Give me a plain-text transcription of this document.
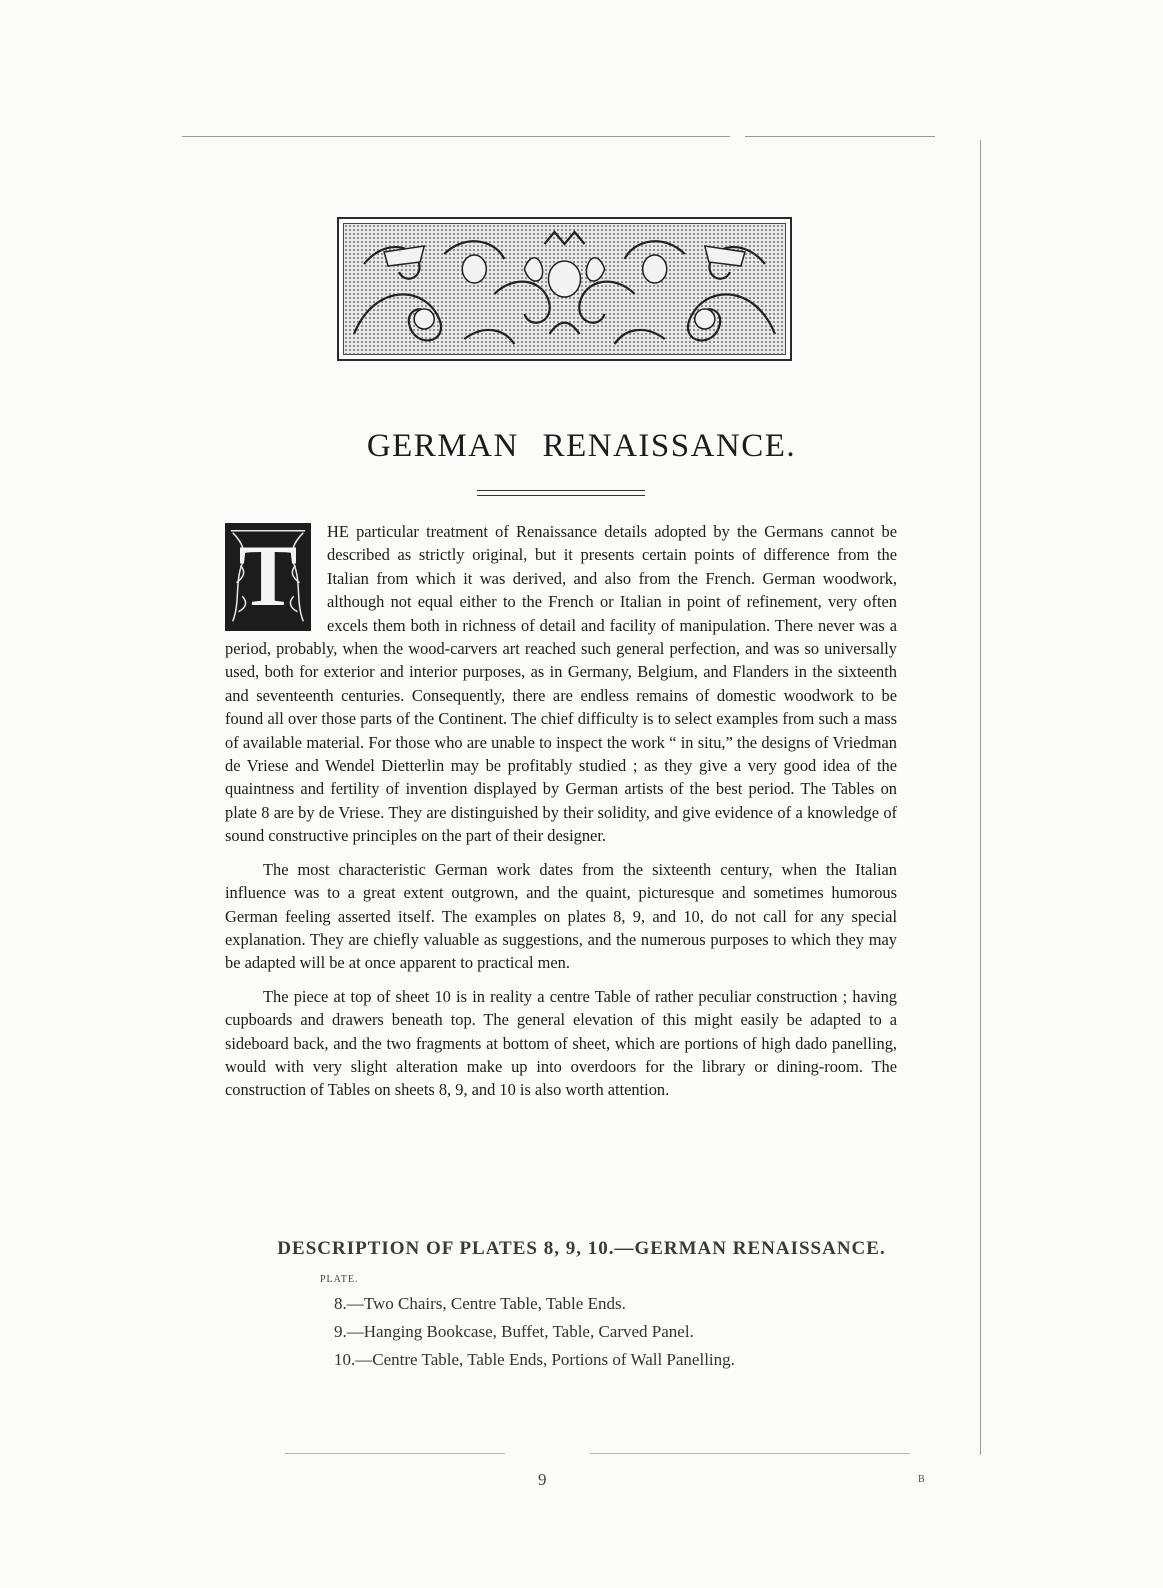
GERMAN RENAISSANCE.

T	HE particular treatment of Renaissance details adopted by the Germans cannot be described as strictly original, but it presents certain points of difference from the Italian from which it was derived, and also from the French. German woodwork, although not equal either to the French or Italian in point of refinement, very often excels them both in richness of detail and facility of manipulation. There never was a period, probably, when the wood-carvers art reached such general perfection, and was so universally used, both for exterior and interior purposes, as in Germany, Belgium, and Flanders in the sixteenth and seventeenth centuries. Consequently, there are endless remains of domestic woodwork to be found all over those parts of the Continent. The chief difficulty is to select examples from such a mass of available material. For those who are unable to inspect the work “ in situ,” the designs of Vriedman de Vriese and Wendel Dietterlin may be profitably studied ; as they give a very good idea of the quaintness and fertility of invention displayed by German artists of the best period. The Tables on plate 8 are by de Vriese. They are distinguished by their solidity, and give evidence of a knowledge of sound constructive principles on the part of their designer.

The most characteristic German work dates from the sixteenth century, when the Italian influence was to a great extent outgrown, and the quaint, picturesque and sometimes humorous German feeling asserted itself. The examples on plates 8, 9, and 10, do not call for any special explanation. They are chiefly valuable as suggestions, and the numerous purposes to which they may be adapted will be at once apparent to practical men.

The piece at top of sheet 10 is in reality a centre Table of rather peculiar construction ; having cupboards and drawers beneath top. The general elevation of this might easily be adapted to a sideboard back, and the two fragments at bottom of sheet, which are portions of high dado panelling, would with very slight alteration make up into overdoors for the library or dining-room. The construction of Tables on sheets 8, 9, and 10 is also worth attention.

DESCRIPTION OF PLATES 8, 9, 10.—GERMAN RENAISSANCE.
PLATE.
8.—Two Chairs, Centre Table, Table Ends.
9.—Hanging Bookcase, Buffet, Table, Carved Panel.
10.—Centre Table, Table Ends, Portions of Wall Panelling.
9	B
